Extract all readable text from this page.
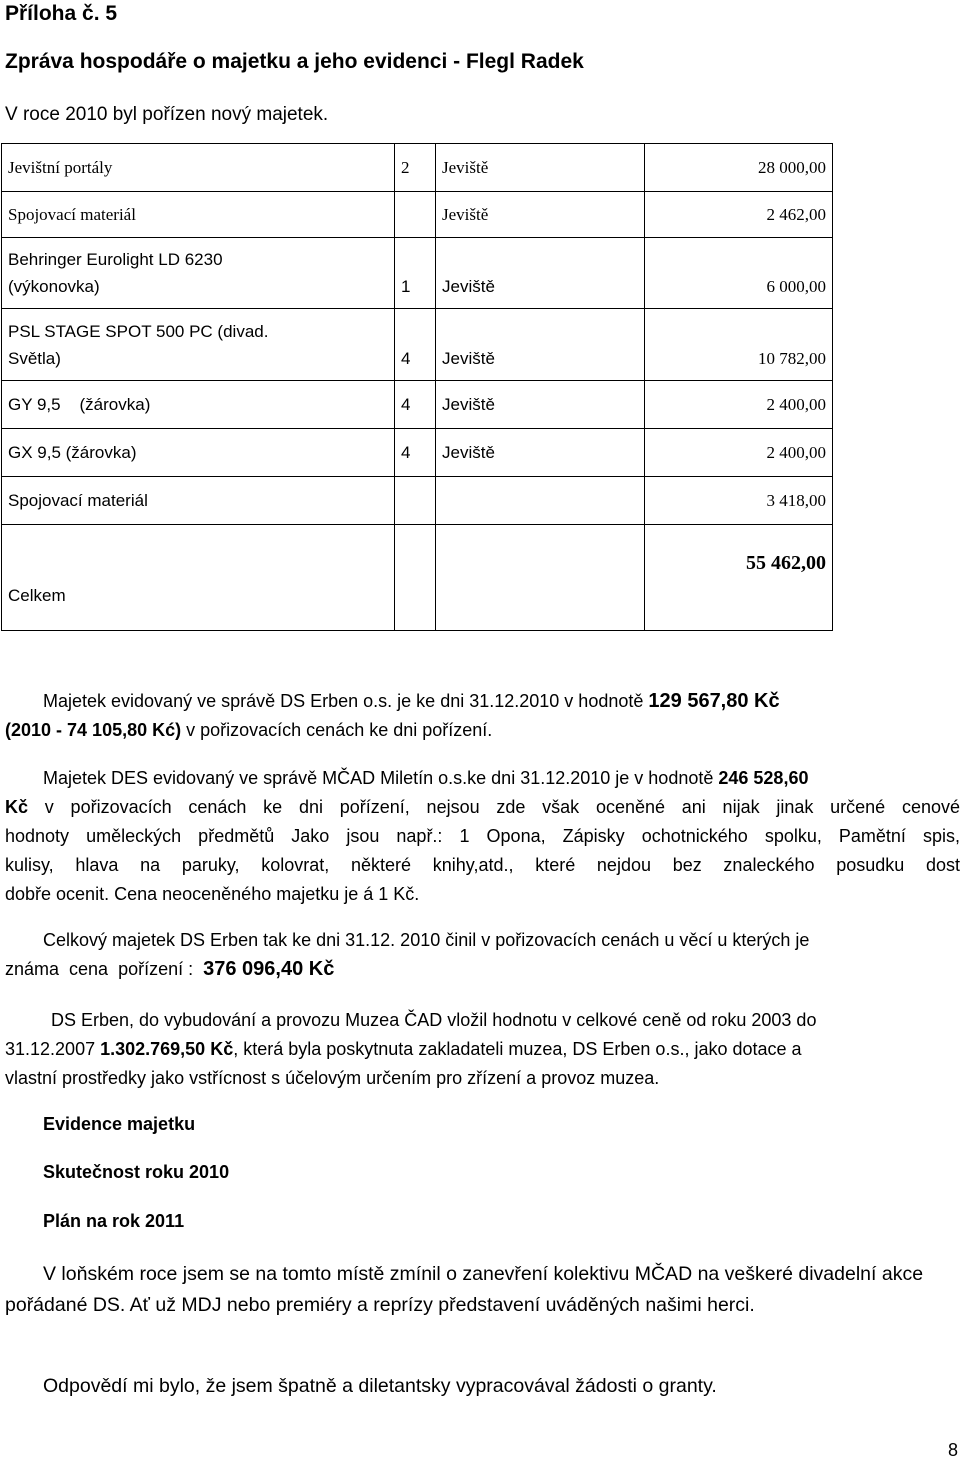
Příloha č. 5
Zpráva hospodáře o majetku a jeho evidenci - Flegl Radek
V roce 2010 byl pořízen nový majetek.
Jevištní portály	2	Jeviště	28 000,00
Spojovací materiál		Jeviště	2 462,00

Behringer Eurolight LD 6230
(výkonovka)	1	Jeviště	6 000,00

PSL STAGE SPOT 500 PC (divad.
Světla)	4	Jeviště	10 782,00
GY 9,5    (žárovka)	4	Jeviště	2 400,00
GX 9,5 (žárovka)	4	Jeviště	2 400,00
Spojovací materiál			3 418,00
Celkem			55 462,00
Majetek evidovaný ve správě DS Erben o.s. je ke dni 31.12.2010 v hodnotě 129 567,80 Kč
(2010 - 74 105,80 Kć) v pořizovacích cenách ke dni pořízení.
Majetek DES evidovaný ve správě MČAD Miletín o.s.ke dni 31.12.2010 je v hodnotě 246 528,60
Kč v pořizovacích cenách ke dni pořízení, nejsou zde však oceněné ani nijak jinak určené cenové
hodnoty uměleckých předmětů Jako jsou např.: 1 Opona, Zápisky ochotnického spolku, Pamětní spis,
kulisy, hlava na paruky, kolovrat, některé knihy,atd., které nejdou bez znaleckého posudku dost
dobře ocenit. Cena neoceněného majetku je á 1 Kč.
Celkový majetek DS Erben tak ke dni 31.12. 2010 činil v pořizovacích cenách u věcí u kterých je
známa  cena  pořízení :  376 096,40 Kč
DS Erben, do vybudování a provozu Muzea ČAD vložil hodnotu v celkové ceně od roku 2003 do
31.12.2007 1.302.769,50 Kč, která byla poskytnuta zakladateli muzea, DS Erben o.s., jako dotace a
vlastní prostředky jako vstřícnost s účelovým určením pro zřízení a provoz muzea.
Evidence majetku
Skutečnost roku 2010
Plán na rok 2011
V loňském roce jsem se na tomto místě zmínil o zanevření kolektivu MČAD na veškeré divadelní akce pořádané DS. Ať už MDJ nebo premiéry a reprízy představení uváděných našimi herci.
Odpovědí mi bylo, že jsem špatně a diletantsky vypracovával žádosti o granty.
8
